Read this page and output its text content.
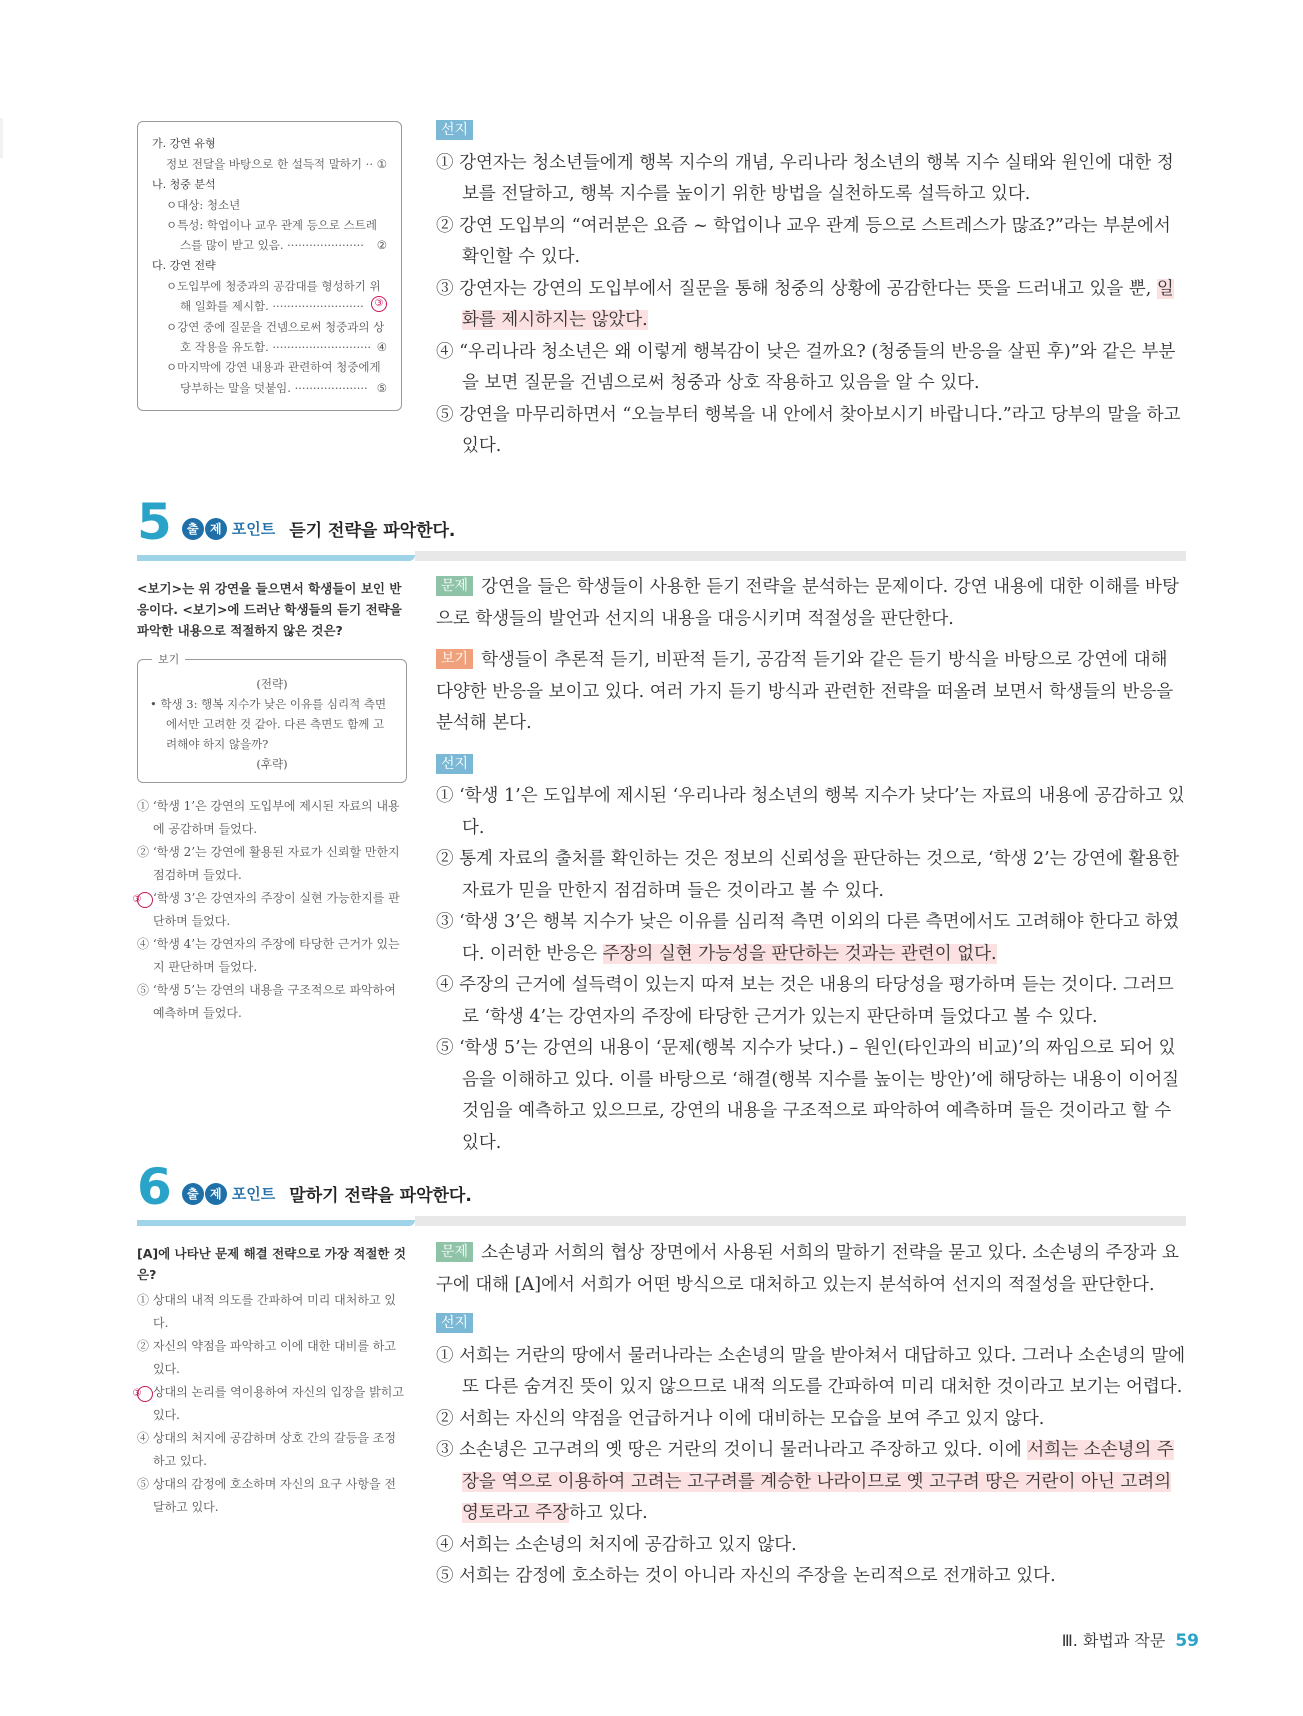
가. 강연 유형
정보 전달을 바탕으로 한 설득적 말하기 ·· ①
나. 청중 분석
ㅇ대상: 청소년
ㅇ특성: 학업이나 교우 관계 등으로 스트레
스를 많이 받고 있음. ····················· ②
다. 강연 전략
ㅇ도입부에 청중과의 공감대를 형성하기 위
해 일화를 제시함. ·························	③
ㅇ강연 중에 질문을 건넴으로써 청중과의 상
호 작용을 유도함. ··························· ④
ㅇ마지막에 강연 내용과 관련하여 청중에게
당부하는 말을 덧붙임. ···················· ⑤
선지
① 강연자는 청소년들에게 행복 지수의 개념, 우리나라 청소년의 행복 지수 실태와 원인에 대한 정보를 전달하고, 행복 지수를 높이기 위한 방법을 실천하도록 설득하고 있다.
② 강연 도입부의 “여러분은 요즘 ~ 학업이나 교우 관계 등으로 스트레스가 많죠?”라는 부분에서 확인할 수 있다.
③ 강연자는 강연의 도입부에서 질문을 통해 청중의 상황에 공감한다는 뜻을 드러내고 있을 뿐, 일화를 제시하지는 않았다.
④ “우리나라 청소년은 왜 이렇게 행복감이 낮은 걸까요? (청중들의 반응을 살핀 후)”와 같은 부분을 보면 질문을 건넴으로써 청중과 상호 작용하고 있음을 알 수 있다.
⑤ 강연을 마무리하면서 “오늘부터 행복을 내 안에서 찾아보시기 바랍니다.”라고 당부의 말을 하고 있다.
5	출 제 포인트 듣기 전략을 파악한다.
<보기>는 위 강연을 들으면서 학생들이 보인 반응이다. <보기>에 드러난 학생들의 듣기 전략을 파악한 내용으로 적절하지 않은 것은?
보기
(전략)
• 학생 3: 행복 지수가 낮은 이유를 심리적 측면에서만 고려한 것 같아. 다른 측면도 함께 고려해야 하지 않을까?
(후략)
① ‘학생 1’은 강연의 도입부에 제시된 자료의 내용에 공감하며 들었다.
② ‘학생 2’는 강연에 활용된 자료가 신뢰할 만한지 점검하며 들었다.
③ ‘학생 3’은 강연자의 주장이 실현 가능한지를 판단하며 들었다.
④ ‘학생 4’는 강연자의 주장에 타당한 근거가 있는지 판단하며 들었다.
⑤ ‘학생 5’는 강연의 내용을 구조적으로 파악하여 예측하며 들었다.
문제 강연을 들은 학생들이 사용한 듣기 전략을 분석하는 문제이다. 강연 내용에 대한 이해를 바탕으로 학생들의 발언과 선지의 내용을 대응시키며 적절성을 판단한다.
보기 학생들이 추론적 듣기, 비판적 듣기, 공감적 듣기와 같은 듣기 방식을 바탕으로 강연에 대해 다양한 반응을 보이고 있다. 여러 가지 듣기 방식과 관련한 전략을 떠올려 보면서 학생들의 반응을 분석해 본다.
선지
① ‘학생 1’은 도입부에 제시된 ‘우리나라 청소년의 행복 지수가 낮다’는 자료의 내용에 공감하고 있다.
② 통계 자료의 출처를 확인하는 것은 정보의 신뢰성을 판단하는 것으로, ‘학생 2’는 강연에 활용한 자료가 믿을 만한지 점검하며 들은 것이라고 볼 수 있다.
③ ‘학생 3’은 행복 지수가 낮은 이유를 심리적 측면 이외의 다른 측면에서도 고려해야 한다고 하였다. 이러한 반응은 주장의 실현 가능성을 판단하는 것과는 관련이 없다.
④ 주장의 근거에 설득력이 있는지 따져 보는 것은 내용의 타당성을 평가하며 듣는 것이다. 그러므로 ‘학생 4’는 강연자의 주장에 타당한 근거가 있는지 판단하며 들었다고 볼 수 있다.
⑤ ‘학생 5’는 강연의 내용이 ‘문제(행복 지수가 낮다.) – 원인(타인과의 비교)’의 짜임으로 되어 있음을 이해하고 있다. 이를 바탕으로 ‘해결(행복 지수를 높이는 방안)’에 해당하는 내용이 이어질 것임을 예측하고 있으므로, 강연의 내용을 구조적으로 파악하여 예측하며 들은 것이라고 할 수 있다.
6	출 제 포인트 말하기 전략을 파악한다.
[A]에 나타난 문제 해결 전략으로 가장 적절한 것은?
① 상대의 내적 의도를 간파하여 미리 대처하고 있다.
② 자신의 약점을 파악하고 이에 대한 대비를 하고 있다.
③ 상대의 논리를 역이용하여 자신의 입장을 밝히고 있다.
④ 상대의 처지에 공감하며 상호 간의 갈등을 조정하고 있다.
⑤ 상대의 감정에 호소하며 자신의 요구 사항을 전달하고 있다.
문제 소손녕과 서희의 협상 장면에서 사용된 서희의 말하기 전략을 묻고 있다. 소손녕의 주장과 요구에 대해 [A]에서 서희가 어떤 방식으로 대처하고 있는지 분석하여 선지의 적절성을 판단한다.
선지
① 서희는 거란의 땅에서 물러나라는 소손녕의 말을 받아쳐서 대답하고 있다. 그러나 소손녕의 말에 또 다른 숨겨진 뜻이 있지 않으므로 내적 의도를 간파하여 미리 대처한 것이라고 보기는 어렵다.
② 서희는 자신의 약점을 언급하거나 이에 대비하는 모습을 보여 주고 있지 않다.
③ 소손녕은 고구려의 옛 땅은 거란의 것이니 물러나라고 주장하고 있다. 이에 서희는 소손녕의 주장을 역으로 이용하여 고려는 고구려를 계승한 나라이므로 옛 고구려 땅은 거란이 아닌 고려의 영토라고 주장하고 있다.
④ 서희는 소손녕의 처지에 공감하고 있지 않다.
⑤ 서희는 감정에 호소하는 것이 아니라 자신의 주장을 논리적으로 전개하고 있다.
Ⅲ. 화법과 작문 59
